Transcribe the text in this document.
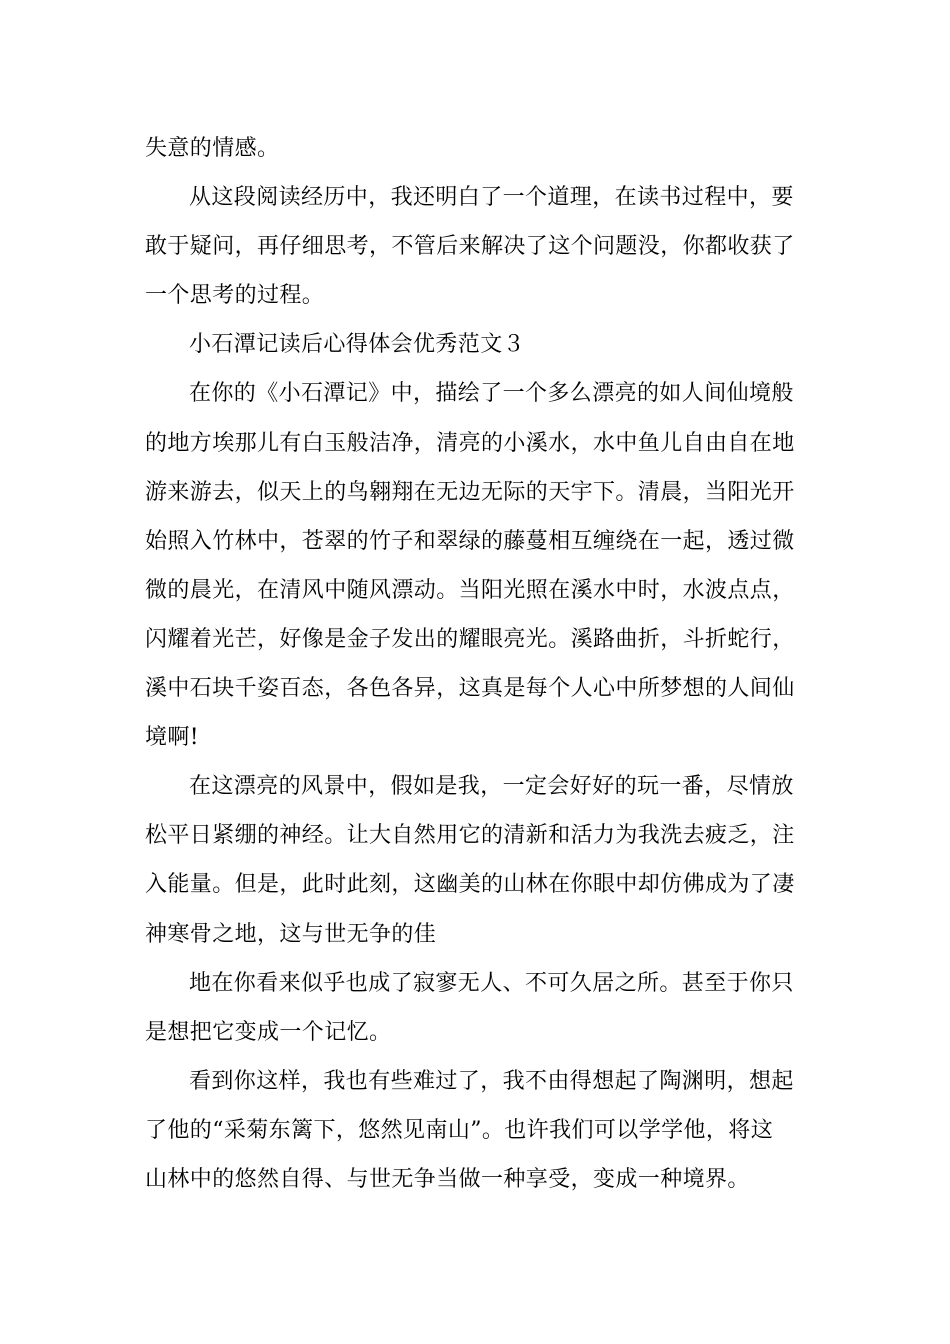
失意的情感。

从这段阅读经历中，我还明白了一个道理，在读书过程中，要
敢于疑问，再仔细思考，不管后来解决了这个问题没，你都收获了
一个思考的过程。

小石潭记读后心得体会优秀范文３

在你的《小石潭记》中，描绘了一个多么漂亮的如人间仙境般
的地方埃那儿有白玉般洁净，清亮的小溪水，水中鱼儿自由自在地
游来游去，似天上的鸟翱翔在无边无际的天宇下。清晨，当阳光开
始照入竹林中，苍翠的竹子和翠绿的藤蔓相互缠绕在一起，透过微
微的晨光，在清风中随风漂动。当阳光照在溪水中时，水波点点，
闪耀着光芒，好像是金子发出的耀眼亮光。溪路曲折，斗折蛇行，
溪中石块千姿百态，各色各异，这真是每个人心中所梦想的人间仙
境啊!

在这漂亮的风景中，假如是我，一定会好好的玩一番，尽情放
松平日紧绷的神经。让大自然用它的清新和活力为我洗去疲乏，注
入能量。但是，此时此刻，这幽美的山林在你眼中却仿佛成为了凄
神寒骨之地，这与世无争的佳

地在你看来似乎也成了寂寥无人、不可久居之所。甚至于你只
是想把它变成一个记忆。

看到你这样，我也有些难过了，我不由得想起了陶渊明，想起
了他的“采菊东篱下，悠然见南山”。也许我们可以学学他，将这
山林中的悠然自得、与世无争当做一种享受，变成一种境界。
